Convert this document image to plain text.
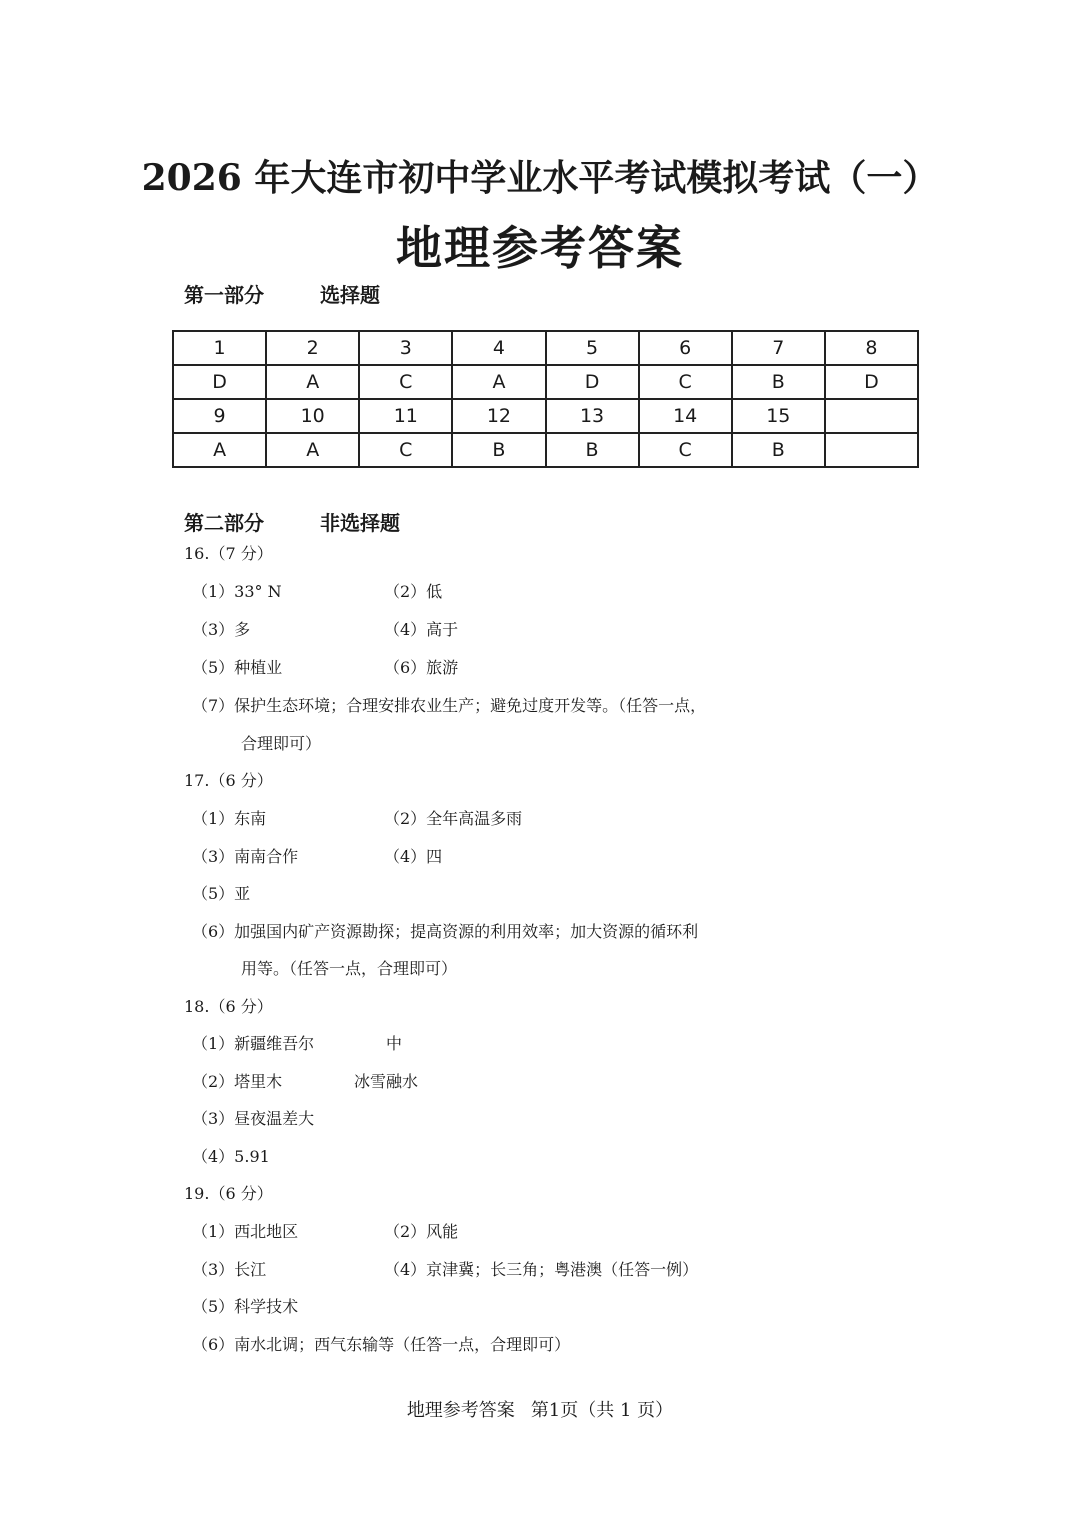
2026 年大连市初中学业水平考试模拟考试（一）
地理参考答案
第一部分	选择题
1	2	3	4	5	6	7	8
D	A	C	A	D	C	B	D
9	10	11	12	13	14	15	
A	A	C	B	B	C	B	
第二部分	非选择题
16.（7 分）
（1）33° N	（2）低
（3）多	（4）高于
（5）种植业	（6）旅游
（7）保护生态环境；合理安排农业生产；避免过度开发等。（任答一点，
合理即可）
17.（6 分）
（1）东南	（2）全年高温多雨
（3）南南合作	（4）四
（5）亚
（6）加强国内矿产资源勘探；提高资源的利用效率；加大资源的循环利
用等。（任答一点，合理即可）
18.（6 分）
（1）新疆维吾尔	中
（2）塔里木	冰雪融水
（3）昼夜温差大
（4）5.91
19.（6 分）
（1）西北地区	（2）风能
（3）长江	（4）京津冀；长三角；粤港澳（任答一例）
（5）科学技术
（6）南水北调；西气东输等（任答一点，合理即可）
地理参考答案 第1页（共 1 页）
